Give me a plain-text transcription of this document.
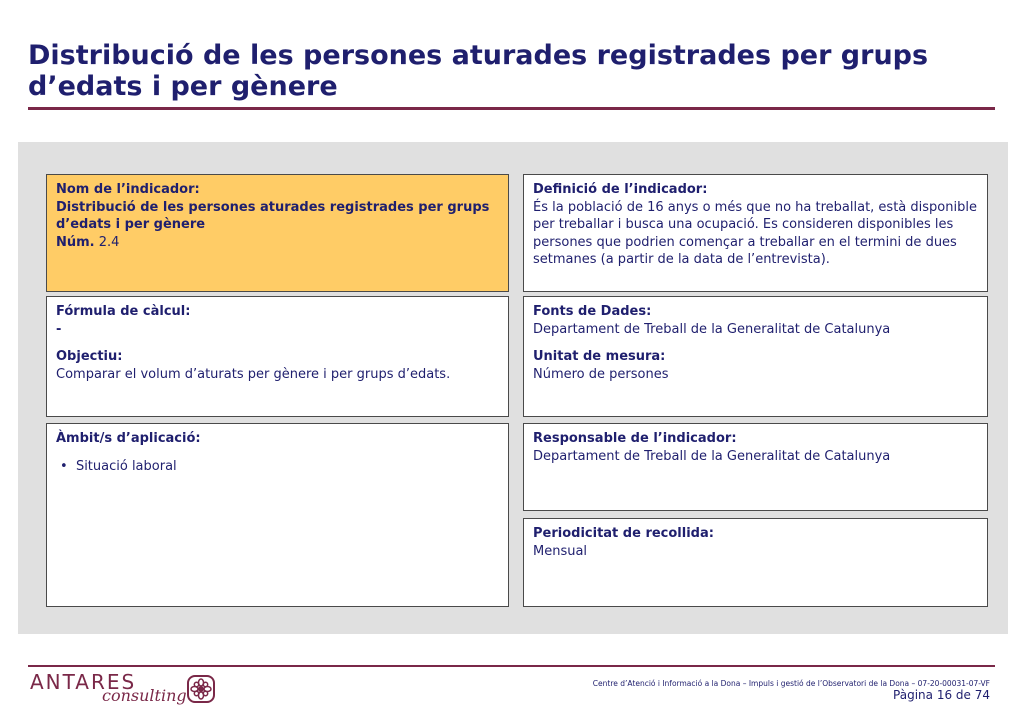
Distribució de les persones aturades registrades per grups d’edats i per gènere
Nom de l’indicador:
Distribució de les persones aturades registrades per grups d’edats i per gènere
Núm. 2.4
Definició de l’indicador:
És la població de 16 anys o més que no ha treballat, està disponible per treballar i busca una ocupació. Es consideren disponibles les persones que podrien començar a treballar en el termini de dues setmanes (a partir de la data de l’entrevista).
Fórmula de càlcul:
-
Objectiu:
Comparar el volum d’aturats per gènere i per grups d’edats.
Fonts de Dades:
Departament de Treball de la Generalitat de Catalunya
Unitat de mesura:
Número de persones
Àmbit/s d’aplicació:
•  Situació laboral
Responsable de l’indicador:
Departament de Treball de la Generalitat de Catalunya
Periodicitat de recollida:
Mensual
ANTARES
consulting
Centre d’Atenció i Informació a la Dona – Impuls i gestió de l’Observatori de la Dona – 07-20-00031-07-VF
Pàgina 16 de 74
